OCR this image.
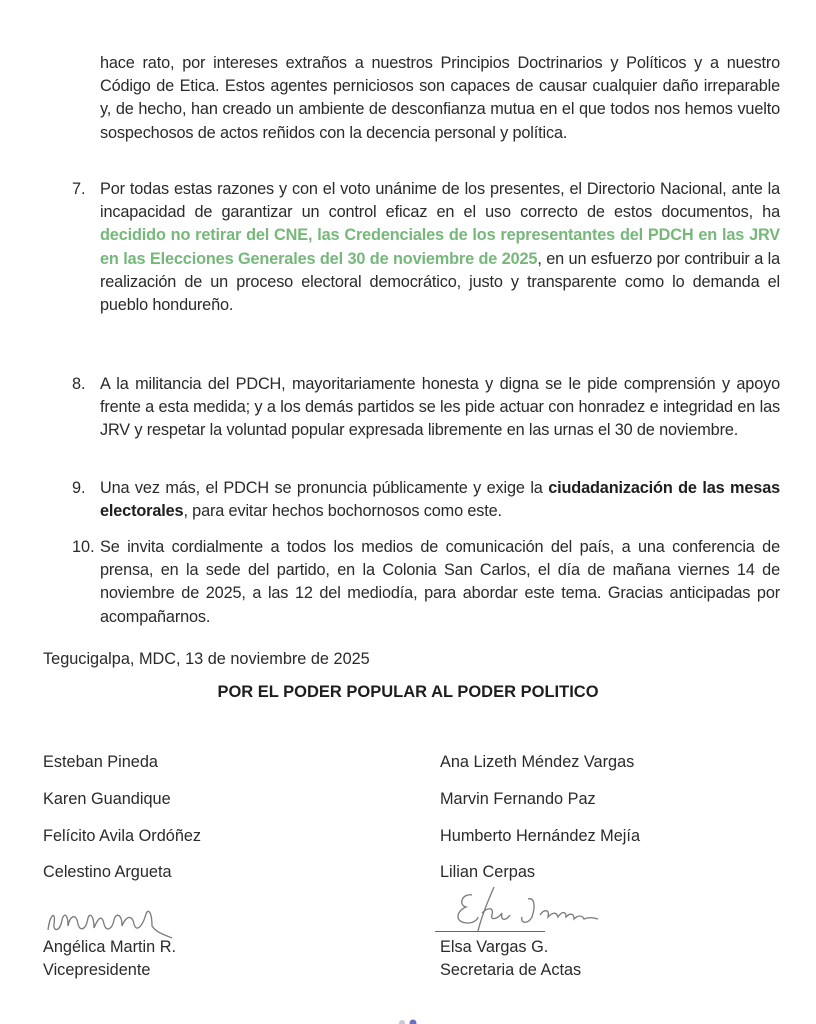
hace rato, por intereses extraños a nuestros Principios Doctrinarios y Políticos y a nuestro Código de Etica. Estos agentes perniciosos son capaces de causar cualquier daño irreparable y, de hecho, han creado un ambiente de desconfianza mutua en el que todos nos hemos vuelto sospechosos de actos reñidos con la decencia personal y política.
7. Por todas estas razones y con el voto unánime de los presentes, el Directorio Nacional, ante la incapacidad de garantizar un control eficaz en el uso correcto de estos documentos, ha decidido no retirar del CNE, las Credenciales de los representantes del PDCH en las JRV en las Elecciones Generales del 30 de noviembre de 2025, en un esfuerzo por contribuir a la realización de un proceso electoral democrático, justo y transparente como lo demanda el pueblo hondureño.
8. A la militancia del PDCH, mayoritariamente honesta y digna se le pide comprensión y apoyo frente a esta medida; y a los demás partidos se les pide actuar con honradez e integridad en las JRV y respetar la voluntad popular expresada libremente en las urnas el 30 de noviembre.
9. Una vez más, el PDCH se pronuncia públicamente y exige la ciudadanización de las mesas electorales, para evitar hechos bochornosos como este.
10. Se invita cordialmente a todos los medios de comunicación del país, a una conferencia de prensa, en la sede del partido, en la Colonia San Carlos, el día de mañana viernes 14 de noviembre de 2025, a las 12 del mediodía, para abordar este tema. Gracias anticipadas por acompañarnos.
Tegucigalpa, MDC, 13 de noviembre de 2025
POR EL PODER POPULAR AL PODER POLITICO
Esteban Pineda
Karen Guandique
Felícito Avila Ordóñez
Celestino Argueta
Angélica Martin R.
Vicepresidente
Ana Lizeth Méndez Vargas
Marvin Fernando Paz
Humberto Hernández Mejía
Lilian Cerpas
Elsa Vargas G.
Secretaria de Actas
